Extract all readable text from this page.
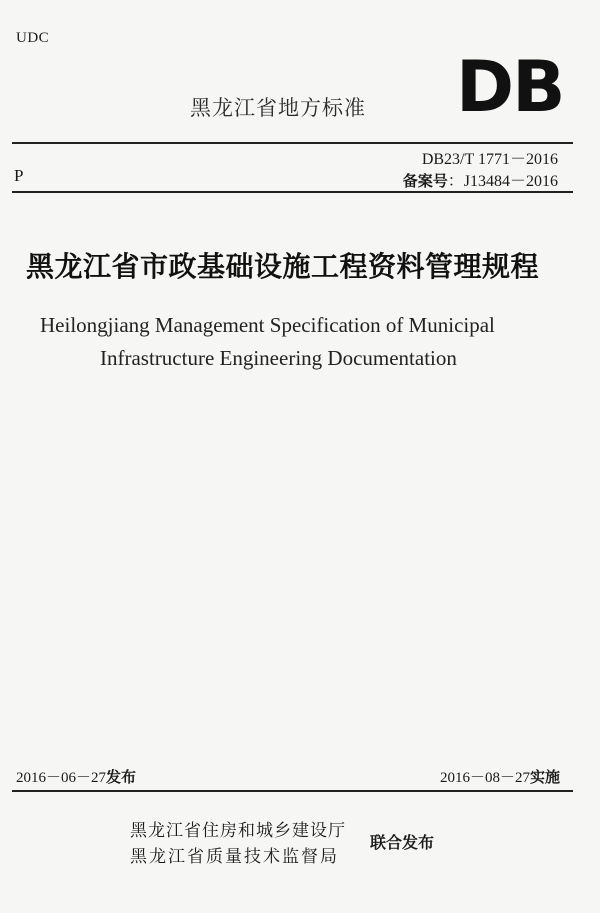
UDC
黑龙江省地方标准 DB
DB23/T 1771－2016
P	备案号：J13484－2016
黑龙江省市政基础设施工程资料管理规程
Heilongjiang Management Specification of Municipal
Infrastructure Engineering Documentation
2016－06－27发布	2016－08－27实施
黑龙江省住房和城乡建设厅
黑龙江省质量技术监督局
联合发布
